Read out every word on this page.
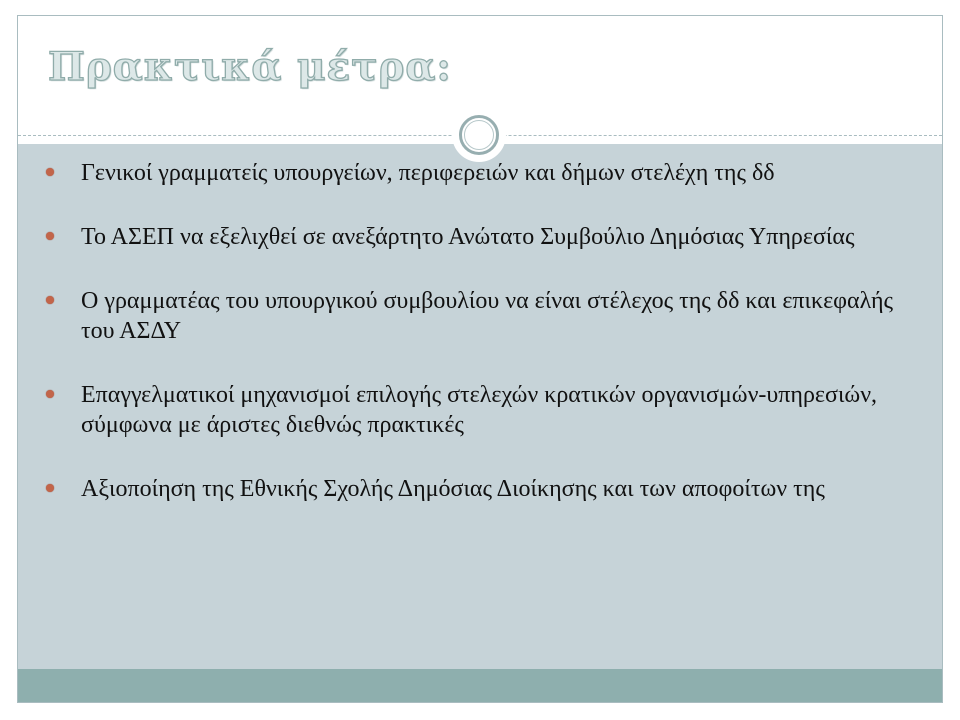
Πρακτικά μέτρα:
Γενικοί γραμματείς υπουργείων, περιφερειών και δήμων στελέχη της δδ
Το ΑΣΕΠ να εξελιχθεί σε ανεξάρτητο Ανώτατο Συμβούλιο Δημόσιας Υπηρεσίας
Ο γραμματέας του υπουργικού συμβουλίου να είναι στέλεχος της δδ και επικεφαλής του ΑΣΔΥ
Επαγγελματικοί μηχανισμοί επιλογής στελεχών κρατικών οργανισμών-υπηρεσιών, σύμφωνα με άριστες διεθνώς πρακτικές
Αξιοποίηση της Εθνικής Σχολής Δημόσιας Διοίκησης και των αποφοίτων της
